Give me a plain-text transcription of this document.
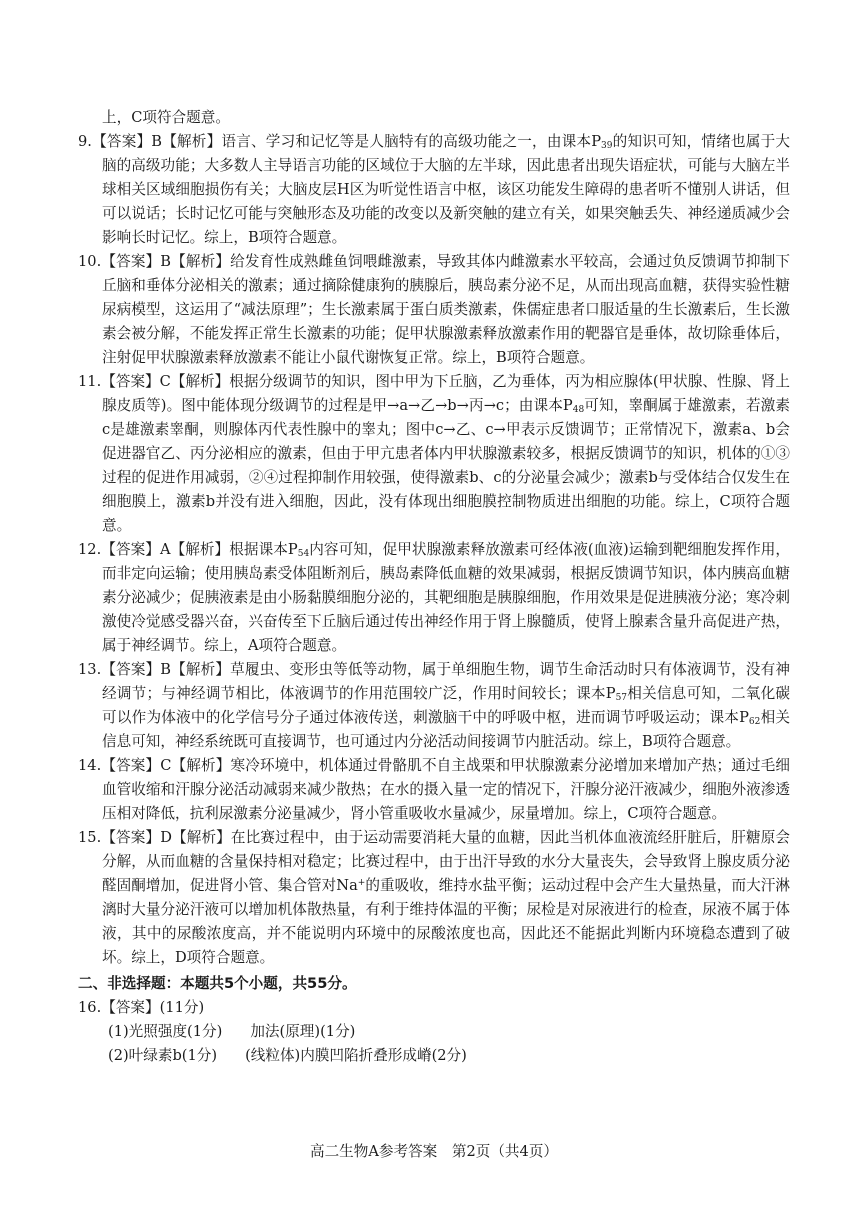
上，C项符合题意。

9.【答案】B【解析】语言、学习和记忆等是人脑特有的高级功能之一，由课本$P_{39}$的知识可知，情绪也属于大脑的高级功能；大多数人主导语言功能的区域位于大脑的左半球，因此患者出现失语症状，可能与大脑左半球相关区域细胞损伤有关；大脑皮层H区为听觉性语言中枢，该区功能发生障碍的患者听不懂别人讲话，但可以说话；长时记忆可能与突触形态及功能的改变以及新突触的建立有关，如果突触丢失、神经递质减少会影响长时记忆。综上，B项符合题意。

10.【答案】B【解析】给发育性成熟雌鱼饲喂雌激素，导致其体内雌激素水平较高，会通过负反馈调节抑制下丘脑和垂体分泌相关的激素；通过摘除健康狗的胰腺后，胰岛素分泌不足，从而出现高血糖，获得实验性糖尿病模型，这运用了“减法原理”；生长激素属于蛋白质类激素，侏儒症患者口服适量的生长激素后，生长激素会被分解，不能发挥正常生长激素的功能；促甲状腺激素释放激素作用的靶器官是垂体，故切除垂体后，注射促甲状腺激素释放激素不能让小鼠代谢恢复正常。综上，B项符合题意。

11.【答案】C【解析】根据分级调节的知识，图中甲为下丘脑，乙为垂体，丙为相应腺体(甲状腺、性腺、肾上腺皮质等)。图中能体现分级调节的过程是甲→a→乙→b→丙→c；由课本$P_{48}$可知，睾酮属于雄激素，若激素c是雄激素睾酮，则腺体丙代表性腺中的睾丸；图中c→乙、c→甲表示反馈调节；正常情况下，激素a、b会促进器官乙、丙分泌相应的激素，但由于甲亢患者体内甲状腺激素较多，根据反馈调节的知识，机体的①③过程的促进作用减弱，②④过程抑制作用较强，使得激素b、c的分泌量会减少；激素b与受体结合仅发生在细胞膜上，激素b并没有进入细胞，因此，没有体现出细胞膜控制物质进出细胞的功能。综上，C项符合题意。

12.【答案】A【解析】根据课本$P_{54}$内容可知，促甲状腺激素释放激素可经体液(血液)运输到靶细胞发挥作用，而非定向运输；使用胰岛素受体阻断剂后，胰岛素降低血糖的效果减弱，根据反馈调节知识，体内胰高血糖素分泌减少；促胰液素是由小肠黏膜细胞分泌的，其靶细胞是胰腺细胞，作用效果是促进胰液分泌；寒冷刺激使冷觉感受器兴奋，兴奋传至下丘脑后通过传出神经作用于肾上腺髓质，使肾上腺素含量升高促进产热，属于神经调节。综上，A项符合题意。

13.【答案】B【解析】草履虫、变形虫等低等动物，属于单细胞生物，调节生命活动时只有体液调节，没有神经调节；与神经调节相比，体液调节的作用范围较广泛，作用时间较长；课本$P_{57}$相关信息可知，二氧化碳可以作为体液中的化学信号分子通过体液传送，刺激脑干中的呼吸中枢，进而调节呼吸运动；课本$P_{62}$相关信息可知，神经系统既可直接调节，也可通过内分泌活动间接调节内脏活动。综上，B项符合题意。

14.【答案】C【解析】寒冷环境中，机体通过骨骼肌不自主战栗和甲状腺激素分泌增加来增加产热；通过毛细血管收缩和汗腺分泌活动减弱来减少散热；在水的摄入量一定的情况下，汗腺分泌汗液减少，细胞外液渗透压相对降低，抗利尿激素分泌量减少，肾小管重吸收水量减少，尿量增加。综上，C项符合题意。

15.【答案】D【解析】在比赛过程中，由于运动需要消耗大量的血糖，因此当机体血液流经肝脏后，肝糖原会分解，从而血糖的含量保持相对稳定；比赛过程中，由于出汗导致的水分大量丧失，会导致肾上腺皮质分泌醛固酮增加，促进肾小管、集合管对Na+的重吸收，维持水盐平衡；运动过程中会产生大量热量，而大汗淋漓时大量分泌汗液可以增加机体散热量，有利于维持体温的平衡；尿检是对尿液进行的检查，尿液不属于体液，其中的尿酸浓度高，并不能说明内环境中的尿酸浓度也高，因此还不能据此判断内环境稳态遭到了破坏。综上，D项符合题意。

二、非选择题：本题共5个小题，共55分。

16.【答案】(11分)

(1)光照强度(1分) 加法(原理)(1分)

(2)叶绿素b(1分) (线粒体)内膜凹陷折叠形成嵴(2分)

高二生物A参考答案　第2页（共4页）
